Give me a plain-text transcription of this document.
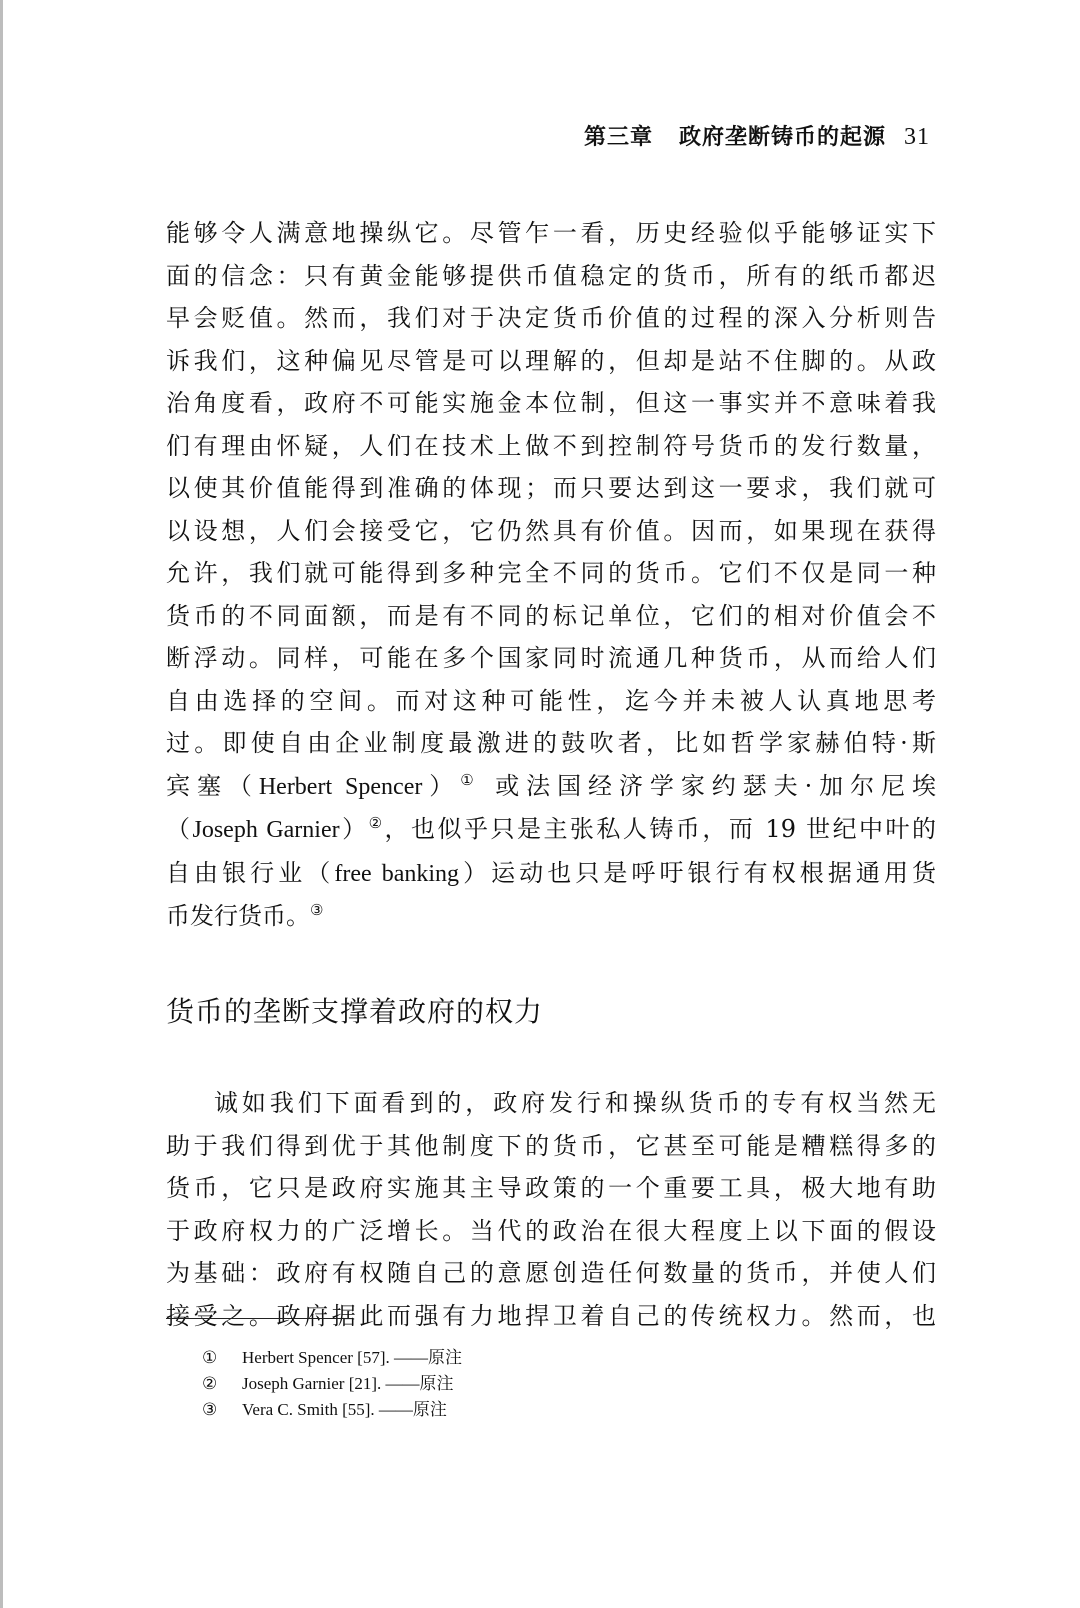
第三章 政府垄断铸币的起源 31
能够令人满意地操纵它。尽管乍一看，历史经验似乎能够证实下
面的信念：只有黄金能够提供币值稳定的货币，所有的纸币都迟
早会贬值。然而，我们对于决定货币价值的过程的深入分析则告
诉我们，这种偏见尽管是可以理解的，但却是站不住脚的。从政
治角度看，政府不可能实施金本位制，但这一事实并不意味着我
们有理由怀疑，人们在技术上做不到控制符号货币的发行数量，
以使其价值能得到准确的体现；而只要达到这一要求，我们就可
以设想，人们会接受它，它仍然具有价值。因而，如果现在获得
允许，我们就可能得到多种完全不同的货币。它们不仅是同一种
货币的不同面额，而是有不同的标记单位，它们的相对价值会不
断浮动。同样，可能在多个国家同时流通几种货币，从而给人们
自由选择的空间。而对这种可能性，迄今并未被人认真地思考
过。即使自由企业制度最激进的鼓吹者，比如哲学家赫伯特·斯
宾塞（Herbert Spencer）① 或法国经济学家约瑟夫·加尔尼埃
（Joseph Garnier）②，也似乎只是主张私人铸币，而 19 世纪中叶的
自由银行业（free banking）运动也只是呼吁银行有权根据通用货
币发行货币。③
货币的垄断支撑着政府的权力
诚如我们下面看到的，政府发行和操纵货币的专有权当然无
助于我们得到优于其他制度下的货币，它甚至可能是糟糕得多的
货币，它只是政府实施其主导政策的一个重要工具，极大地有助
于政府权力的广泛增长。当代的政治在很大程度上以下面的假设
为基础：政府有权随自己的意愿创造任何数量的货币，并使人们
接受之。政府据此而强有力地捍卫着自己的传统权力。然而，也
① Herbert Spencer [57]. ——原注
② Joseph Garnier [21]. ——原注
③ Vera C. Smith [55]. ——原注
